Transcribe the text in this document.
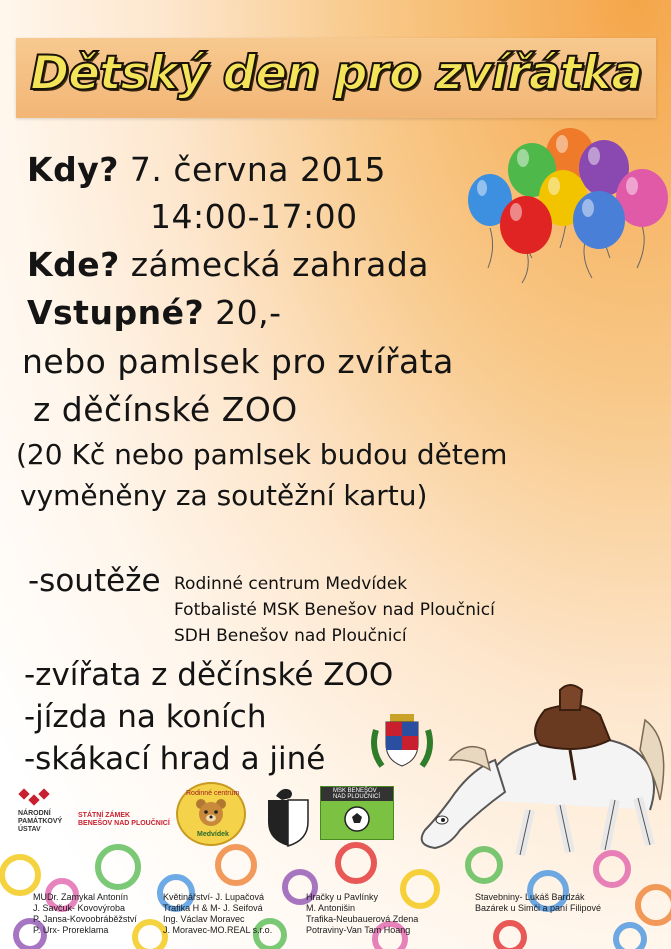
Dětský den pro zvířátka
Kdy? 7. června 2015
14:00-17:00
Kde? zámecká zahrada
Vstupné? 20,-
nebo pamlsek pro zvířata
z děčínské ZOO
(20 Kč nebo pamlsek budou dětem
vyměněny za soutěžní kartu)
-soutěže Rodinné centrum Medvídek
Fotbalisté MSK Benešov nad Ploučnicí
SDH Benešov nad Ploučnicí
-zvířata z děčínské ZOO
-jízda na koních
-skákací hrad a jiné
NÁRODNÍ
PAMÁTKOVÝ
ÚSTAV
STÁTNÍ ZÁMEK
BENEŠOV NAD PLOUČNICÍ
Rodinné centrum
Medvídek
MSK BENEŠOV
NAD PLOUČNICÍ
MUDr. Zamykal Antonín
J. Savčuk- Kovovýroba
P. Jansa-Kovoobráběžství
P. Urx- Proreklama
Květinářství- J. Lupačová
Trafika H & M- J. Seifová
Ing. Václav Moravec
J. Moravec-MO.REAL s.r.o.
Hračky u Pavlínky
M. Antonišin
Trafika-Neubauerová Zdena
Potraviny-Van Tam Hoang
Stavebniny- Lukáš Bardzák
Bazárek u Simči a paní Filipové
